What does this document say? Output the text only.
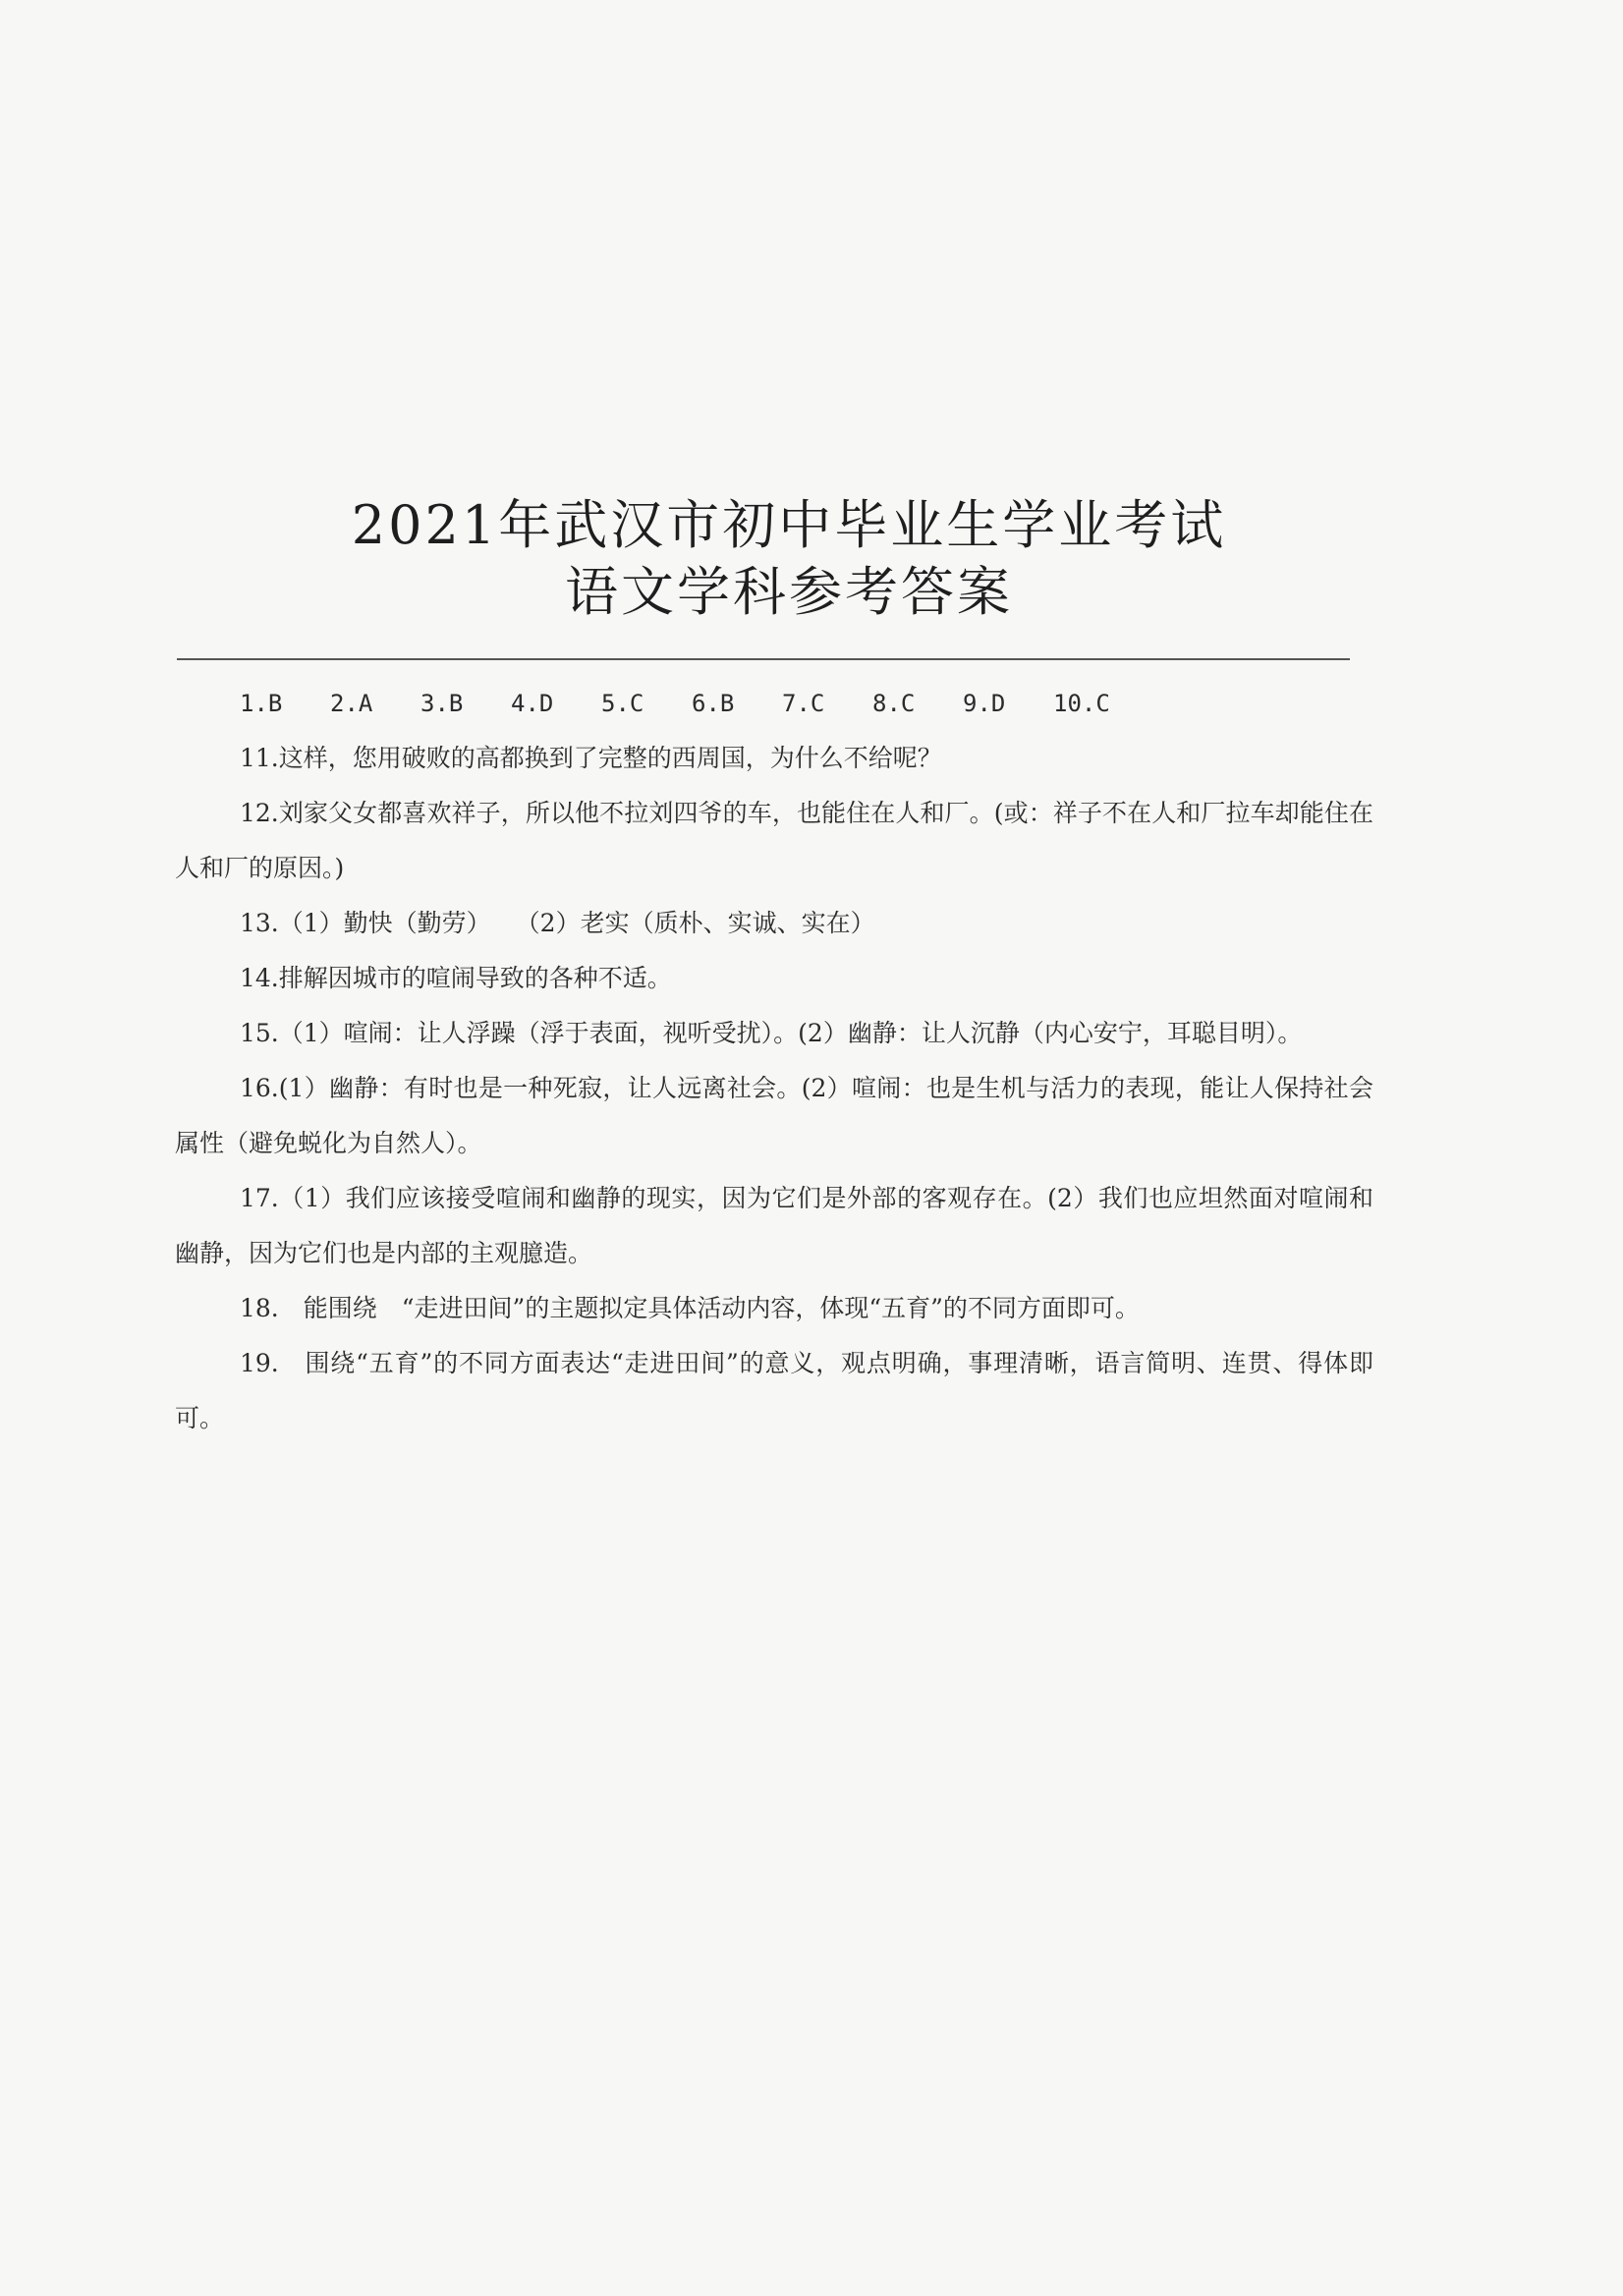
2021年武汉市初中毕业生学业考试
语文学科参考答案

1.B 2.A 3.B 4.D 5.C 6.B 7.C 8.C 9.D 10.C

11.这样，您用破败的高都换到了完整的西周国，为什么不给呢？

12.刘家父女都喜欢祥子，所以他不拉刘四爷的车，也能住在人和厂。(或：祥子不在人和厂拉车却能住在人和厂的原因。)

13.（1）勤快（勤劳）　　（2）老实（质朴、实诚、实在）

14.排解因城市的喧闹导致的各种不适。

15.（1）喧闹：让人浮躁（浮于表面，视听受扰）。(2）幽静：让人沉静（内心安宁，耳聪目明）。

16.(1）幽静：有时也是一种死寂，让人远离社会。(2）喧闹：也是生机与活力的表现，能让人保持社会属性（避免蜕化为自然人）。

17.（1）我们应该接受喧闹和幽静的现实，因为它们是外部的客观存在。(2）我们也应坦然面对喧闹和幽静，因为它们也是内部的主观臆造。

18.　能围绕　“走进田间”的主题拟定具体活动内容，体现“五育”的不同方面即可。

19.　围绕“五育”的不同方面表达“走进田间”的意义，观点明确，事理清晰，语言简明、连贯、得体即可。
